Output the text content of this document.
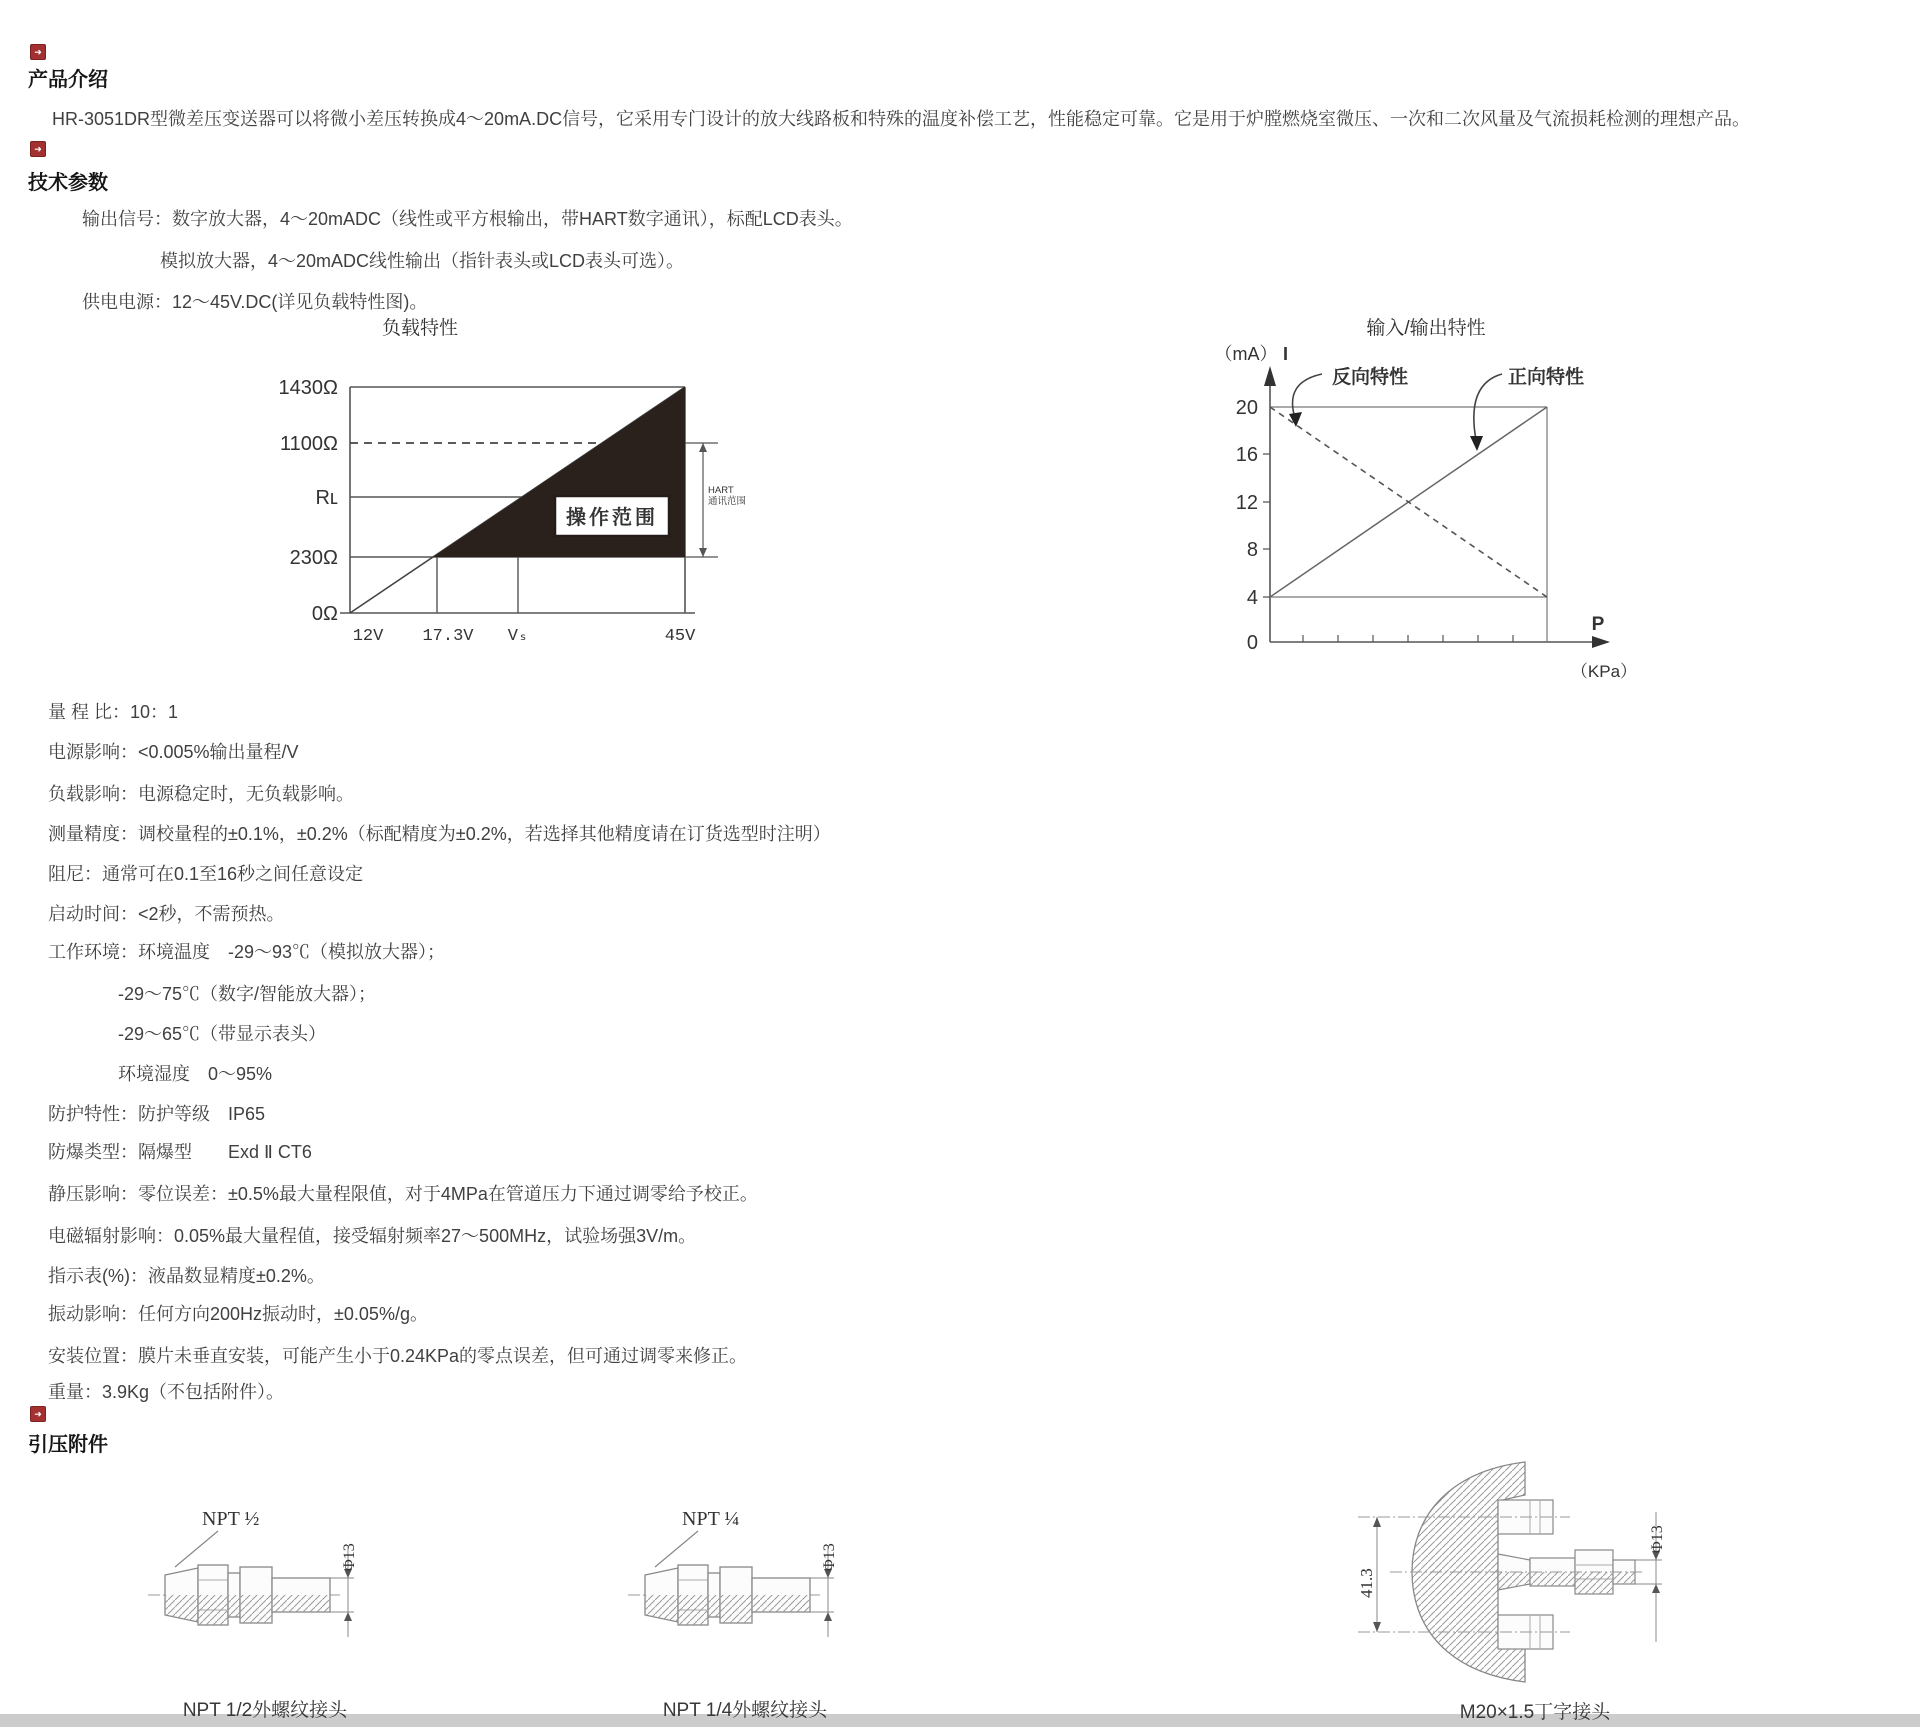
➜
➜
➜
产品介绍
HR-3051DR型微差压变送器可以将微小差压转换成4～20mA.DC信号，它采用专门设计的放大线路板和特殊的温度补偿工艺，性能稳定可靠。它是用于炉膛燃烧室微压、一次和二次风量及气流损耗检测的理想产品。
技术参数
输出信号：数字放大器，4～20mADC（线性或平方根输出，带HART数字通讯），标配LCD表头。
模拟放大器，4～20mADC线性输出（指针表头或LCD表头可选）。
供电电源：12～45V.DC(详见负载特性图)。
负载特性
操作范围
HART
通讯范围
1430Ω
1100Ω
Rʟ
230Ω
0Ω
12V 17.3V Vₛ	45V
输入/输出特性
（mA） I
P
（KPa）
20
16
12
8
4
0
反向特性	正向特性
量 程 比：10：1
电源影响：<0.005%输出量程/V
负载影响：电源稳定时，无负载影响。
测量精度：调校量程的±0.1%，±0.2%（标配精度为±0.2%，若选择其他精度请在订货选型时注明）
阻尼：通常可在0.1至16秒之间任意设定
启动时间：<2秒，不需预热。
工作环境：环境温度　-29～93℃（模拟放大器）；
-29～75℃（数字/智能放大器）；
-29～65℃（带显示表头）
环境湿度　0～95%
防护特性：防护等级　IP65
防爆类型：隔爆型　　Exd Ⅱ CT6
静压影响：零位误差：±0.5%最大量程限值，对于4MPa在管道压力下通过调零给予校正。
电磁辐射影响：0.05%最大量程值，接受辐射频率27～500MHz，试验场强3V/m。
指示表(%)：液晶数显精度±0.2%。
振动影响：任何方向200Hz振动时，±0.05%/g。
安装位置：膜片未垂直安装，可能产生小于0.24KPa的零点误差，但可通过调零来修正。
重量：3.9Kg（不包括附件）。
引压附件
NPT ½
Φ13
NPT 1/2外螺纹接头
NPT ¼
Φ13
NPT 1/4外螺纹接头
41.3
Φ13
M20×1.5丁字接头
